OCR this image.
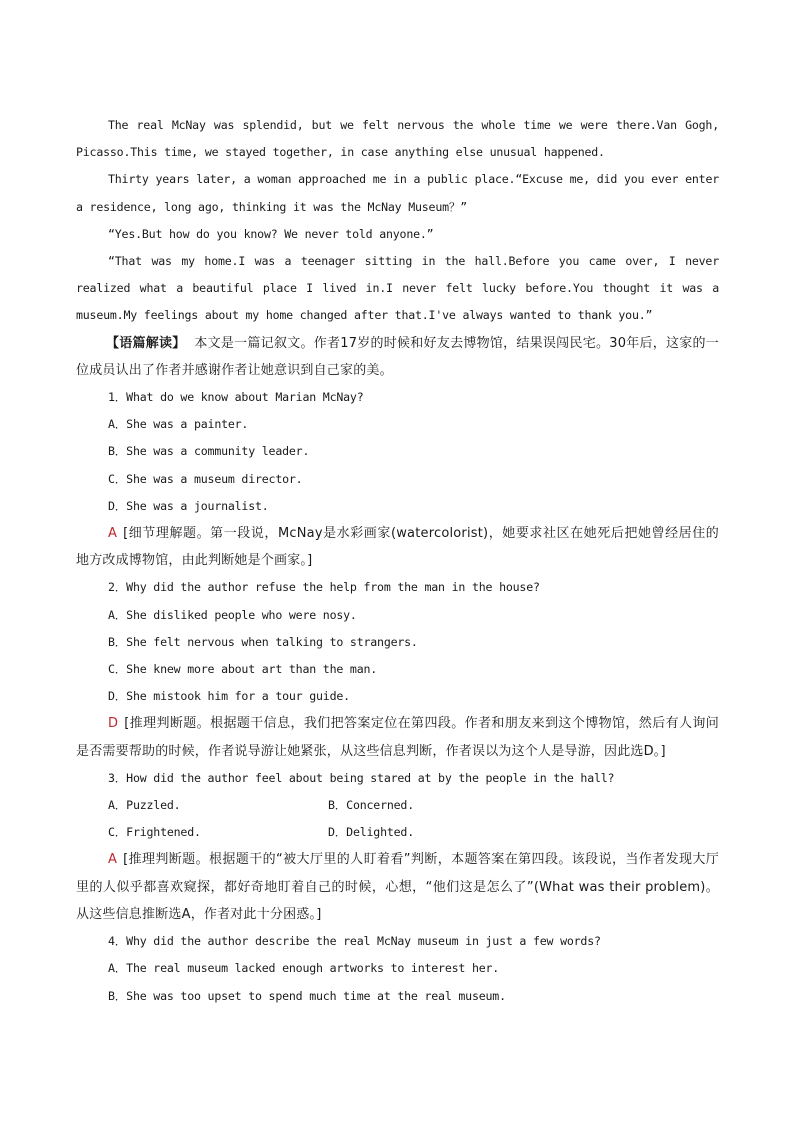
The real McNay was splendid, but we felt nervous the whole time we were there.Van Gogh, Picasso.This time, we stayed together, in case anything else unusual happened.

Thirty years later, a woman approached me in a public place.“Excuse me, did you ever enter a residence, long ago, thinking it was the McNay Museum？”

“Yes.But how do you know? We never told anyone.”

“That was my home.I was a teenager sitting in the hall.Before you came over, I never realized what a beautiful place I lived in.I never felt lucky before.You thought it was a museum.My feelings about my home changed after that.I've always wanted to thank you.”

【语篇解读】 本文是一篇记叙文。作者17岁的时候和好友去博物馆，结果误闯民宅。30年后，这家的一位成员认出了作者并感谢作者让她意识到自己家的美。

1．What do we know about Marian McNay?

A．She was a painter.

B．She was a community leader.

C．She was a museum director.

D．She was a journalist.

A [细节理解题。第一段说，McNay是水彩画家(watercolorist)，她要求社区在她死后把她曾经居住的地方改成博物馆，由此判断她是个画家。]

2．Why did the author refuse the help from the man in the house?

A．She disliked people who were nosy.

B．She felt nervous when talking to strangers.

C．She knew more about art than the man.

D．She mistook him for a tour guide.

D [推理判断题。根据题干信息，我们把答案定位在第四段。作者和朋友来到这个博物馆，然后有人询问是否需要帮助的时候，作者说导游让她紧张，从这些信息判断，作者误以为这个人是导游，因此选D。]

3．How did the author feel about being stared at by the people in the hall?

A．Puzzled.	B．Concerned.
C．Frightened.	D．Delighted.

A [推理判断题。根据题干的“被大厅里的人盯着看”判断，本题答案在第四段。该段说，当作者发现大厅里的人似乎都喜欢窥探，都好奇地盯着自己的时候，心想，“他们这是怎么了”(What was their problem)。从这些信息推断选A，作者对此十分困惑。]

4．Why did the author describe the real McNay museum in just a few words?

A．The real museum lacked enough artworks to interest her.

B．She was too upset to spend much time at the real museum.
